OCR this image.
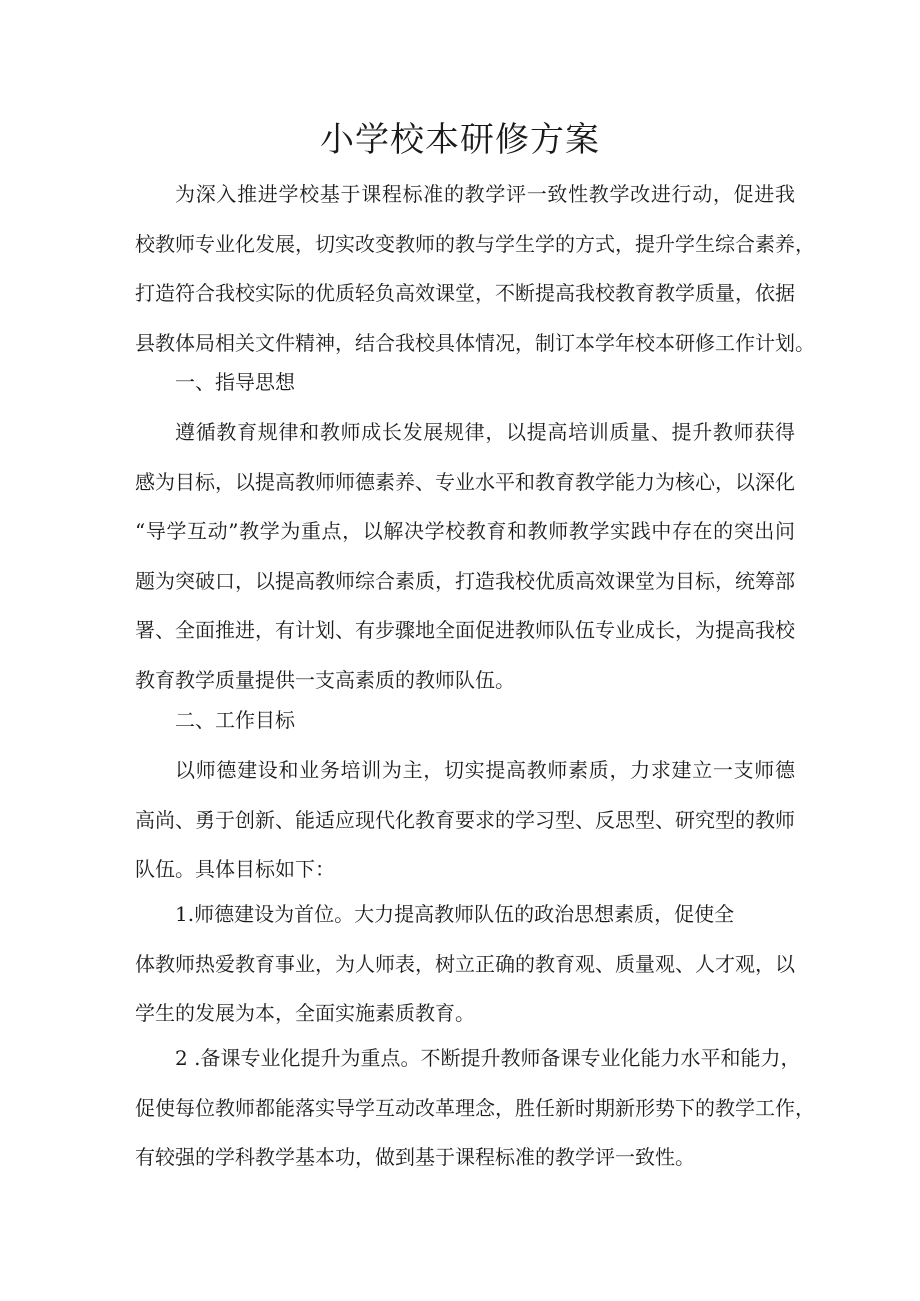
小学校本研修方案
为深入推进学校基于课程标准的教学评一致性教学改进行动，促进我
校教师专业化发展，切实改变教师的教与学生学的方式，提升学生综合素养，
打造符合我校实际的优质轻负高效课堂，不断提高我校教育教学质量，依据
县教体局相关文件精神，结合我校具体情况，制订本学年校本研修工作计划。
一、指导思想
遵循教育规律和教师成长发展规律，以提高培训质量、提升教师获得
感为目标，以提高教师师德素养、专业水平和教育教学能力为核心，以深化
“导学互动”教学为重点，以解决学校教育和教师教学实践中存在的突出问
题为突破口，以提高教师综合素质，打造我校优质高效课堂为目标，统筹部
署、全面推进，有计划、有步骤地全面促进教师队伍专业成长，为提高我校
教育教学质量提供一支高素质的教师队伍。
二、工作目标
以师德建设和业务培训为主，切实提高教师素质，力求建立一支师德
高尚、勇于创新、能适应现代化教育要求的学习型、反思型、研究型的教师
队伍。具体目标如下：
1.师德建设为首位。大力提高教师队伍的政治思想素质，促使全
体教师热爱教育事业，为人师表，树立正确的教育观、质量观、人才观，以
学生的发展为本，全面实施素质教育。
2 .备课专业化提升为重点。不断提升教师备课专业化能力水平和能力，
促使每位教师都能落实导学互动改革理念，胜任新时期新形势下的教学工作，
有较强的学科教学基本功，做到基于课程标准的教学评一致性。
